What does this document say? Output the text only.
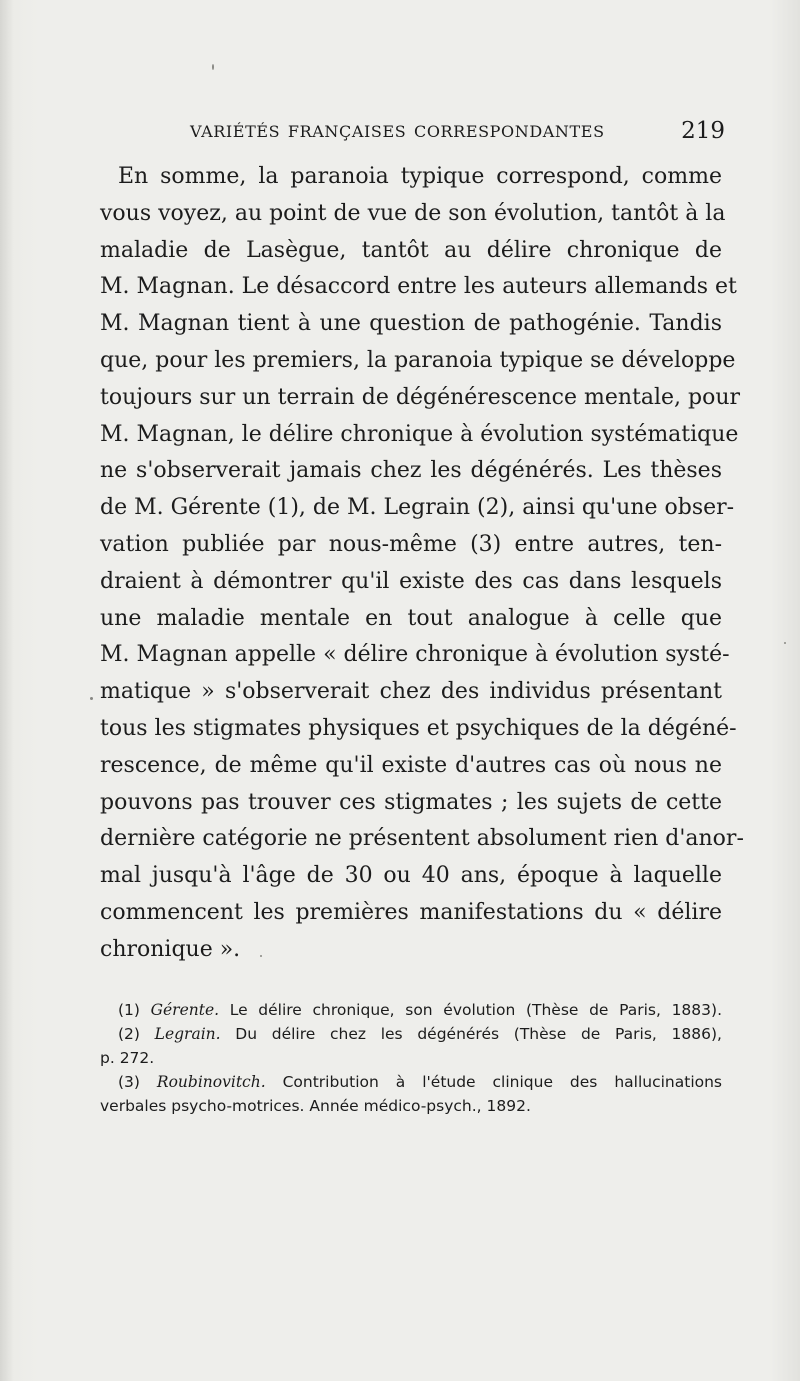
VARIÉTÉS FRANÇAISES CORRESPONDANTES	219
En somme, la paranoia typique correspond, comme
vous voyez, au point de vue de son évolution, tantôt à la
maladie de Lasègue, tantôt au délire chronique de
M. Magnan. Le désaccord entre les auteurs allemands et
M. Magnan tient à une question de pathogénie. Tandis
que, pour les premiers, la paranoia typique se développe
toujours sur un terrain de dégénérescence mentale, pour
M. Magnan, le délire chronique à évolution systématique
ne s'observerait jamais chez les dégénérés. Les thèses
de M. Gérente (1), de M. Legrain (2), ainsi qu'une obser-
vation publiée par nous-même (3) entre autres, ten-
draient à démontrer qu'il existe des cas dans lesquels
une maladie mentale en tout analogue à celle que
M. Magnan appelle « délire chronique à évolution systé-
matique » s'observerait chez des individus présentant
tous les stigmates physiques et psychiques de la dégéné-
rescence, de même qu'il existe d'autres cas où nous ne
pouvons pas trouver ces stigmates ; les sujets de cette
dernière catégorie ne présentent absolument rien d'anor-
mal jusqu'à l'âge de 30 ou 40 ans, époque à laquelle
commencent les premières manifestations du « délire
chronique ».
(1) Gérente. Le délire chronique, son évolution (Thèse de Paris, 1883).
(2) Legrain. Du délire chez les dégénérés (Thèse de Paris, 1886),
p. 272.
(3) Roubinovitch. Contribution à l'étude clinique des hallucinations
verbales psycho-motrices. Année médico-psych., 1892.
